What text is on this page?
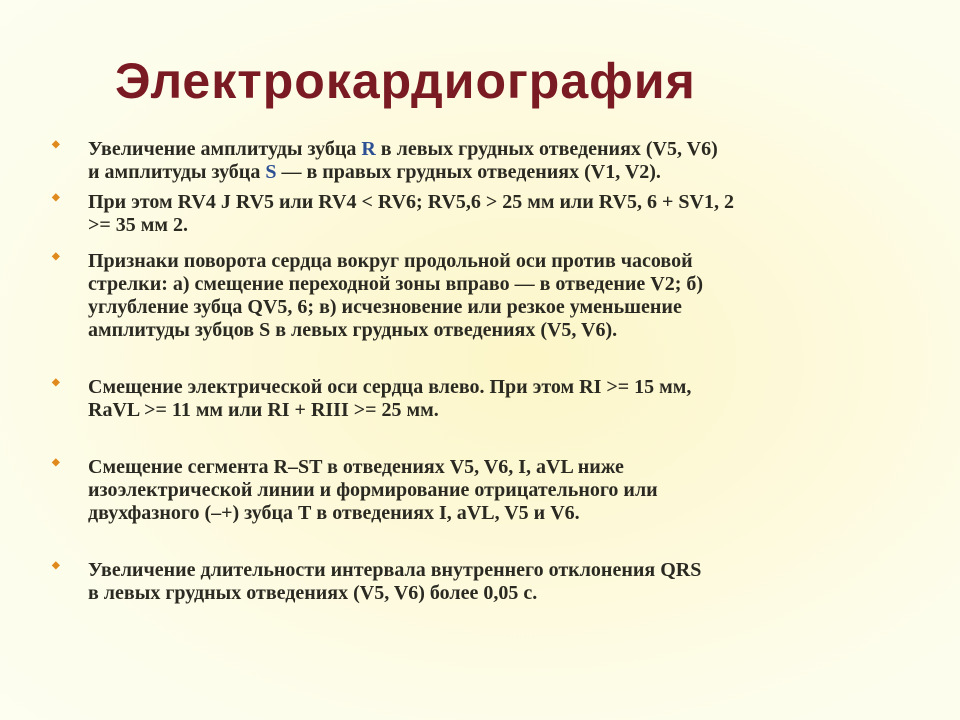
Электрокардиография
◆ Увеличение амплитуды зубца R в левых грудных отведениях (V5, V6)
и амплитуды зубца S — в правых грудных отведениях (V1, V2).
◆ При этом RV4 J RV5 или RV4 < RV6; RV5,6 > 25 мм или RV5, 6 + SV1, 2
>= 35 мм 2.
◆ Признаки поворота сердца вокруг продольной оси против часовой
стрелки: а) смещение переходной зоны вправо — в отведение V2; б)
углубление зубца QV5, 6; в) исчезновение или резкое уменьшение
амплитуды зубцов S в левых грудных отведениях (V5, V6).
◆ Смещение электрической оси сердца влево. При этом RI >= 15 мм,
RaVL >= 11 мм или RI + RIII >= 25 мм.
◆ Смещение сегмента R–ST в отведениях V5, V6, I, aVL ниже
изоэлектрической линии и формирование отрицательного или
двухфазного (–+) зубца Т в отведениях I, aVL, V5 и V6.
◆ Увеличение длительности интервала внутреннего отклонения QRS
в левых грудных отведениях (V5, V6) более 0,05 с.
